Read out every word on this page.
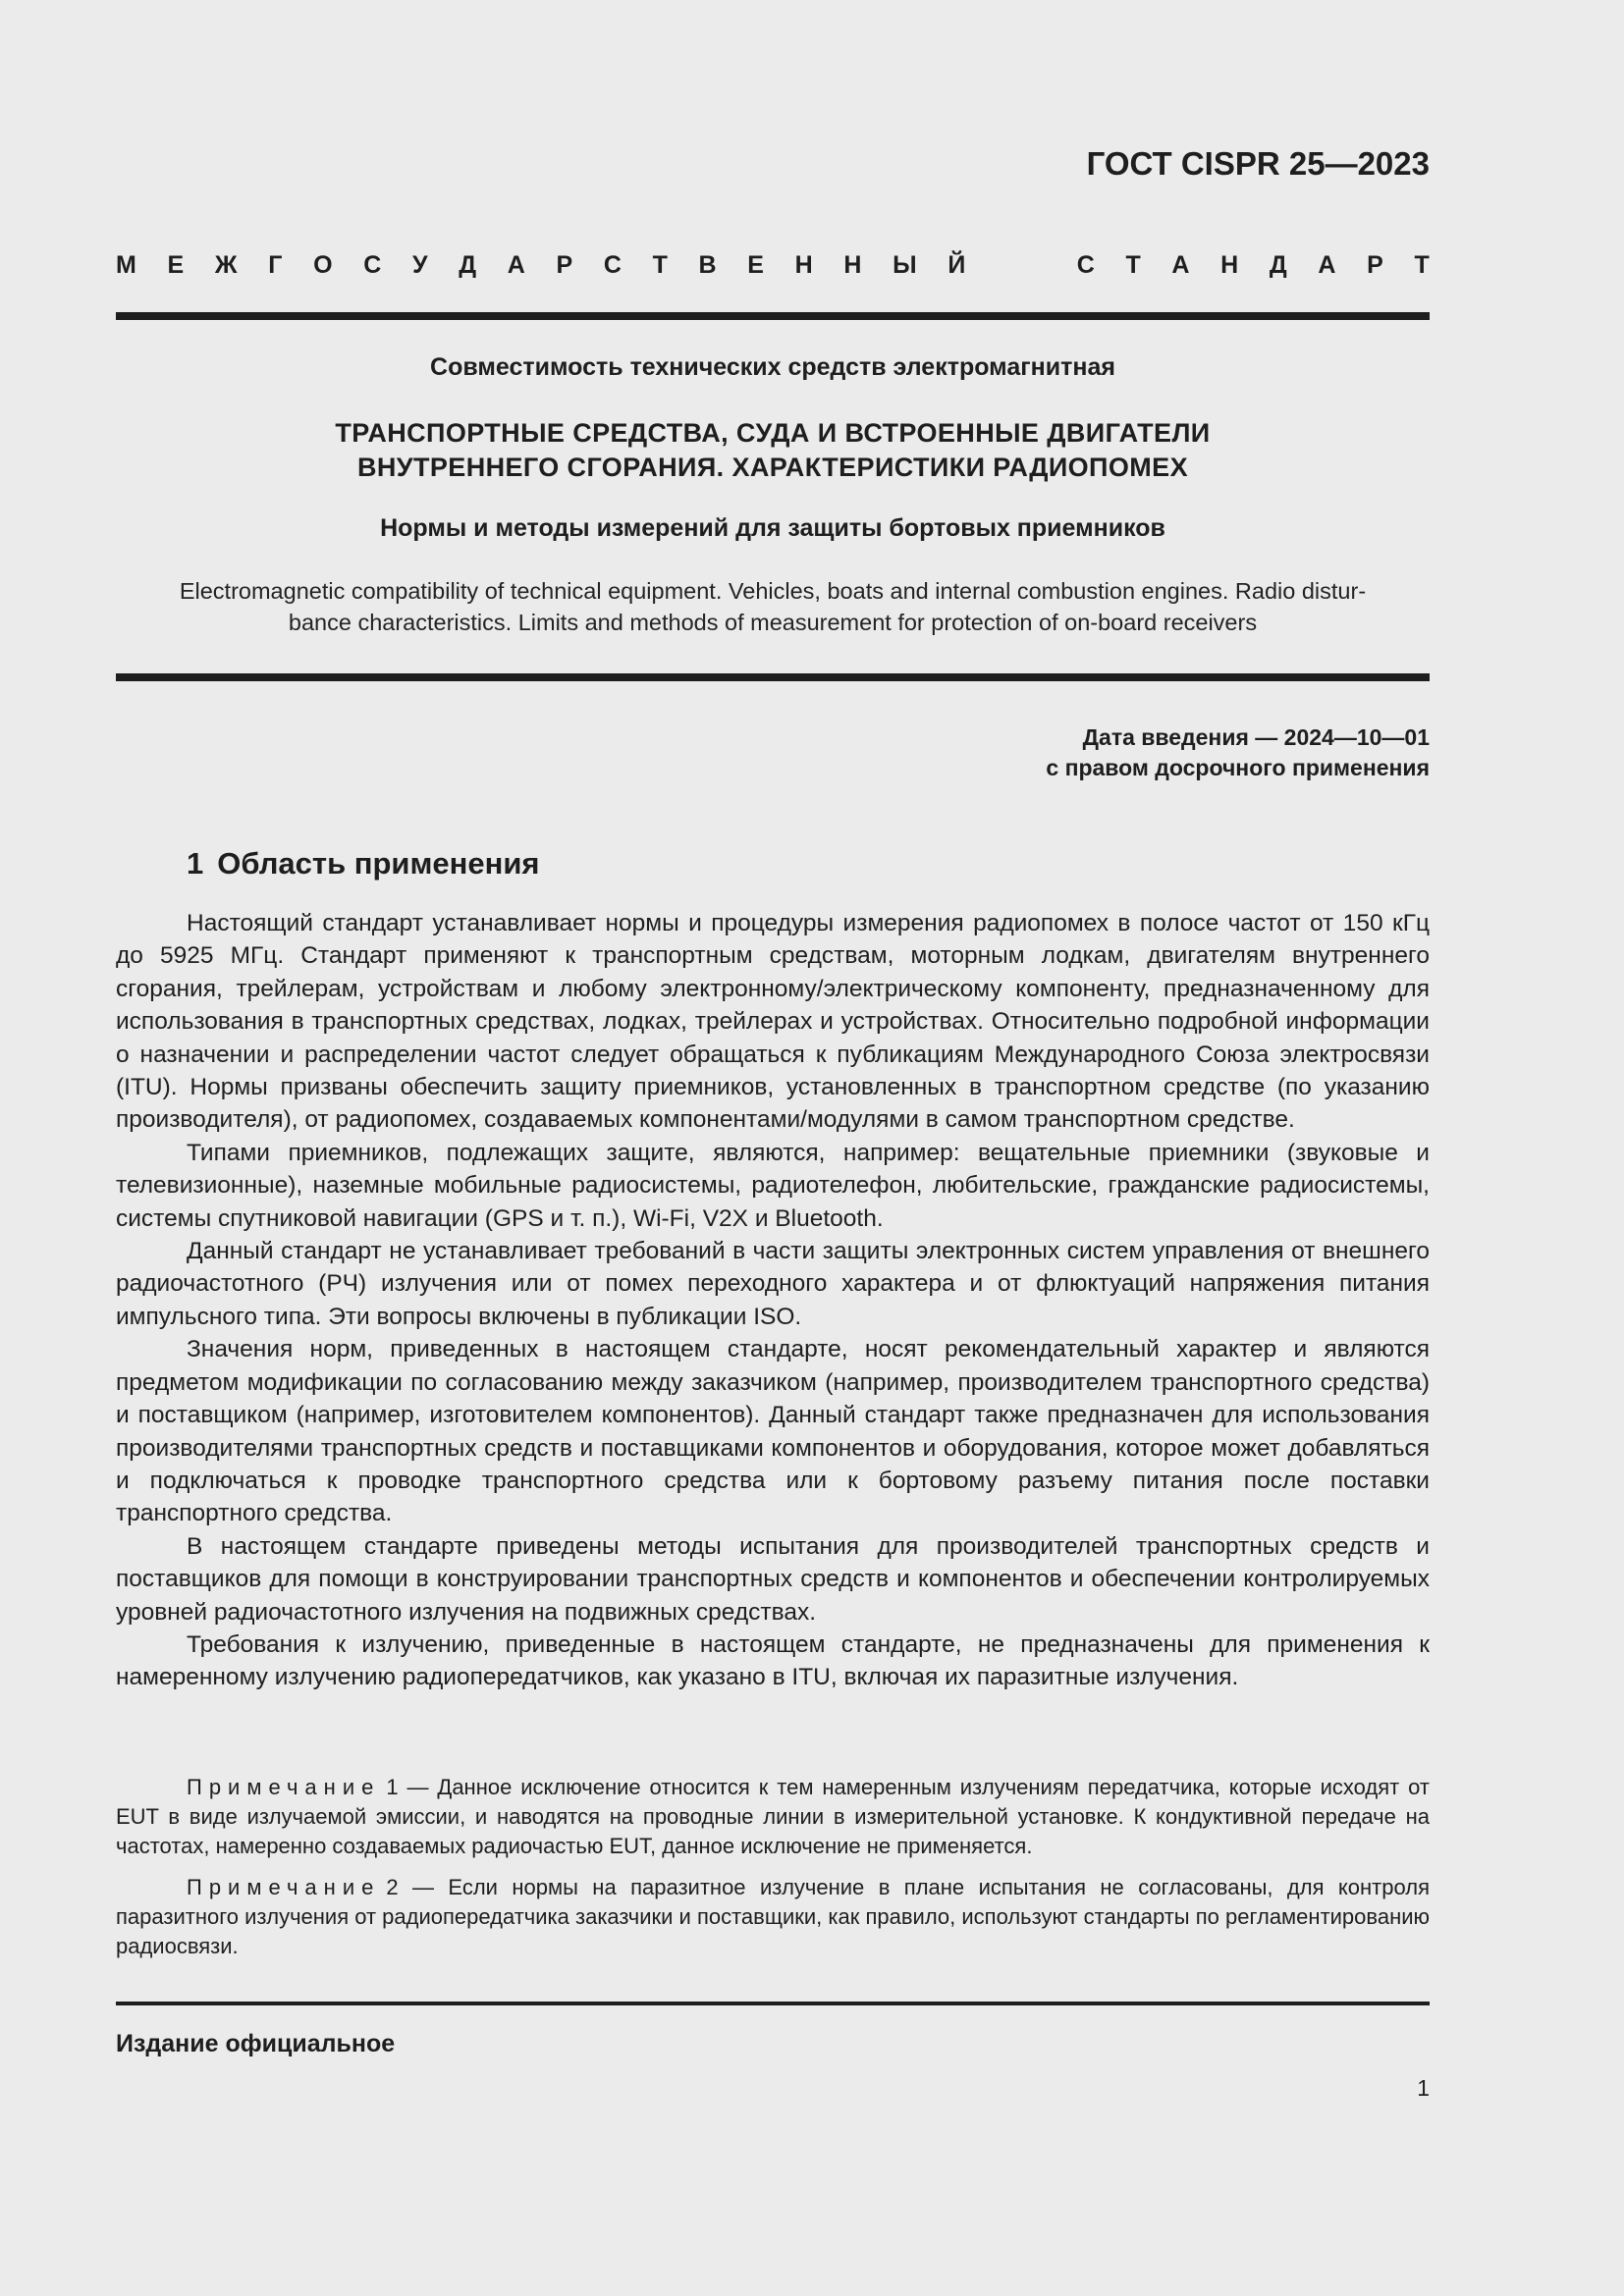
ГОСТ CISPR 25—2023
М Е Ж Г О С У Д А Р С Т В Е Н Н Ы Й	С Т А Н Д А Р Т
Совместимость технических средств электромагнитная
ТРАНСПОРТНЫЕ СРЕДСТВА, СУДА И ВСТРОЕННЫЕ ДВИГАТЕЛИ
ВНУТРЕННЕГО СГОРАНИЯ. ХАРАКТЕРИСТИКИ РАДИОПОМЕХ
Нормы и методы измерений для защиты бортовых приемников
Electromagnetic compatibility of technical equipment. Vehicles, boats and internal combustion engines. Radio distur-
bance characteristics. Limits and methods of measurement for protection of on-board receivers
Дата введения — 2024—10—01
с правом досрочного применения
1 Область применения

Настоящий стандарт устанавливает нормы и процедуры измерения радиопомех в полосе частот от 150 кГц до 5925 МГц. Стандарт применяют к транспортным средствам, моторным лодкам, двигателям внутреннего сгорания, трейлерам, устройствам и любому электронному/электрическому компоненту, предназначенному для использования в транспортных средствах, лодках, трейлерах и устройствах. Относительно подробной информации о назначении и распределении частот следует обращаться к публикациям Международного Союза электросвязи (ITU). Нормы призваны обеспечить защиту приемников, установленных в транспортном средстве (по указанию производителя), от радиопомех, создаваемых компонентами/модулями в самом транспортном средстве.

Типами приемников, подлежащих защите, являются, например: вещательные приемники (звуковые и телевизионные), наземные мобильные радиосистемы, радиотелефон, любительские, гражданские радиосистемы, системы спутниковой навигации (GPS и т. п.), Wi-Fi, V2X и Bluetooth.

Данный стандарт не устанавливает требований в части защиты электронных систем управления от внешнего радиочастотного (РЧ) излучения или от помех переходного характера и от флюктуаций напряжения питания импульсного типа. Эти вопросы включены в публикации ISO.

Значения норм, приведенных в настоящем стандарте, носят рекомендательный характер и являются предметом модификации по согласованию между заказчиком (например, производителем транспортного средства) и поставщиком (например, изготовителем компонентов). Данный стандарт также предназначен для использования производителями транспортных средств и поставщиками компонентов и оборудования, которое может добавляться и подключаться к проводке транспортного средства или к бортовому разъему питания после поставки транспортного средства.

В настоящем стандарте приведены методы испытания для производителей транспортных средств и поставщиков для помощи в конструировании транспортных средств и компонентов и обеспечении контролируемых уровней радиочастотного излучения на подвижных средствах.

Требования к излучению, приведенные в настоящем стандарте, не предназначены для применения к намеренному излучению радиопередатчиков, как указано в ITU, включая их паразитные излучения.

Примечание 1 — Данное исключение относится к тем намеренным излучениям передатчика, которые исходят от EUT в виде излучаемой эмиссии, и наводятся на проводные линии в измерительной установке. К кондуктивной передаче на частотах, намеренно создаваемых радиочастью EUT, данное исключение не применяется.

Примечание 2 — Если нормы на паразитное излучение в плане испытания не согласованы, для контроля паразитного излучения от радиопередатчика заказчики и поставщики, как правило, используют стандарты по регламентированию радиосвязи.

Издание официальное
1
